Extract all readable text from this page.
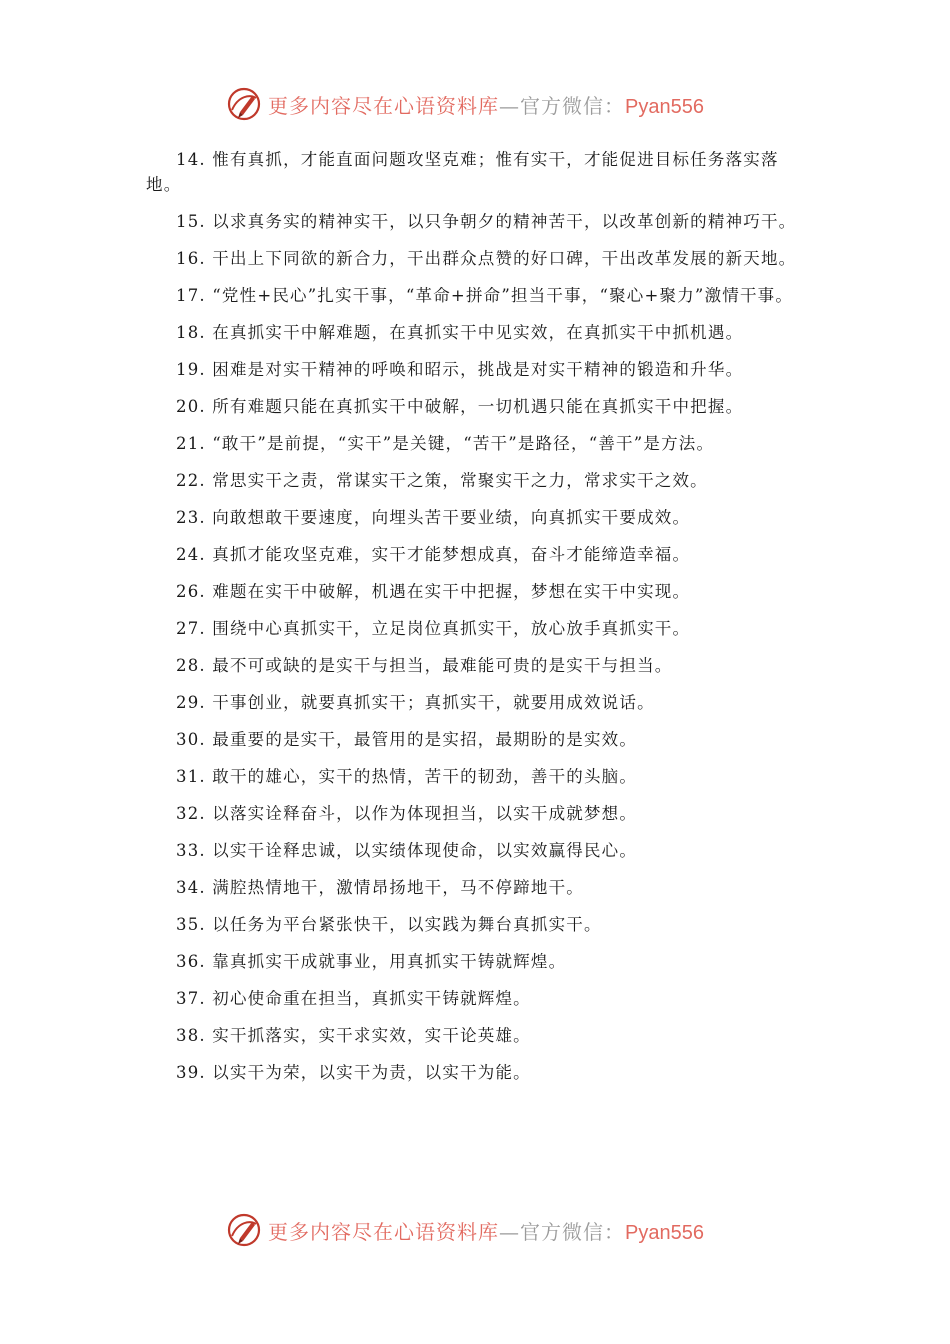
更多内容尽在心语资料库—官方微信：Pyan556

14. 惟有真抓，才能直面问题攻坚克难；惟有实干，才能促进目标任务落实落地。

15. 以求真务实的精神实干，以只争朝夕的精神苦干，以改革创新的精神巧干。

16. 干出上下同欲的新合力，干出群众点赞的好口碑，干出改革发展的新天地。

17. “党性+民心”扎实干事，“革命+拼命”担当干事，“聚心+聚力”激情干事。

18. 在真抓实干中解难题，在真抓实干中见实效，在真抓实干中抓机遇。

19. 困难是对实干精神的呼唤和昭示，挑战是对实干精神的锻造和升华。

20. 所有难题只能在真抓实干中破解，一切机遇只能在真抓实干中把握。

21. “敢干”是前提，“实干”是关键，“苦干”是路径，“善干”是方法。

22. 常思实干之责，常谋实干之策，常聚实干之力，常求实干之效。

23. 向敢想敢干要速度，向埋头苦干要业绩，向真抓实干要成效。

24. 真抓才能攻坚克难，实干才能梦想成真，奋斗才能缔造幸福。

26. 难题在实干中破解，机遇在实干中把握，梦想在实干中实现。

27. 围绕中心真抓实干，立足岗位真抓实干，放心放手真抓实干。

28. 最不可或缺的是实干与担当，最难能可贵的是实干与担当。

29. 干事创业，就要真抓实干；真抓实干，就要用成效说话。

30. 最重要的是实干，最管用的是实招，最期盼的是实效。

31. 敢干的雄心，实干的热情，苦干的韧劲，善干的头脑。

32. 以落实诠释奋斗，以作为体现担当，以实干成就梦想。

33. 以实干诠释忠诚，以实绩体现使命，以实效赢得民心。

34. 满腔热情地干，激情昂扬地干，马不停蹄地干。

35. 以任务为平台紧张快干，以实践为舞台真抓实干。

36. 靠真抓实干成就事业，用真抓实干铸就辉煌。

37. 初心使命重在担当，真抓实干铸就辉煌。

38. 实干抓落实，实干求实效，实干论英雄。

39. 以实干为荣，以实干为责，以实干为能。

更多内容尽在心语资料库—官方微信：Pyan556
